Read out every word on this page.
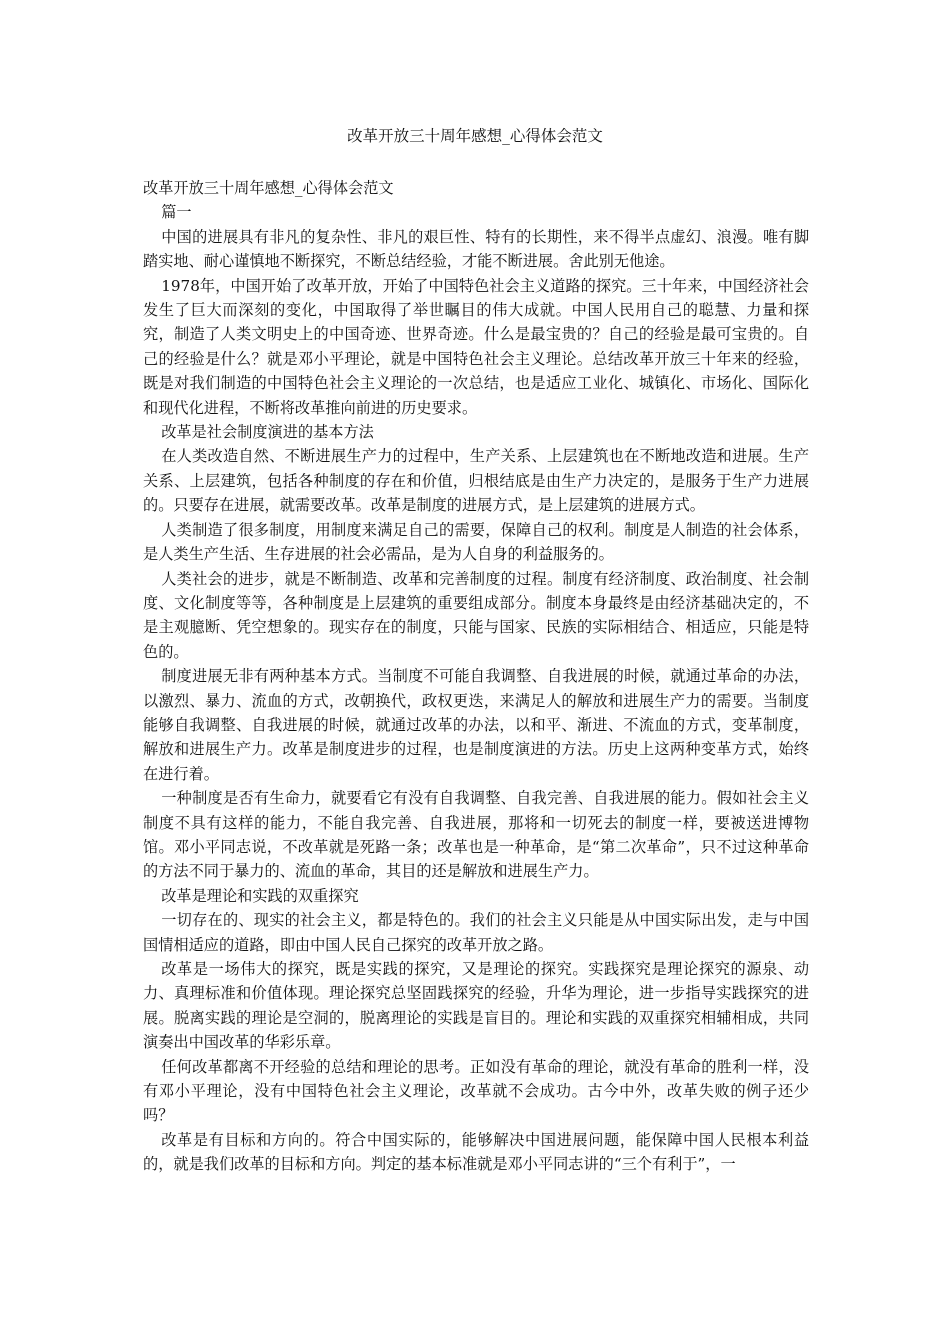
改革开放三十周年感想_心得体会范文

改革开放三十周年感想_心得体会范文

篇一

中国的进展具有非凡的复杂性、非凡的艰巨性、特有的长期性，来不得半点虚幻、浪漫。唯有脚踏实地、耐心谨慎地不断探究，不断总结经验，才能不断进展。舍此别无他途。

1978年，中国开始了改革开放，开始了中国特色社会主义道路的探究。三十年来，中国经济社会发生了巨大而深刻的变化，中国取得了举世瞩目的伟大成就。中国人民用自己的聪慧、力量和探究，制造了人类文明史上的中国奇迹、世界奇迹。什么是最宝贵的？自己的经验是最可宝贵的。自己的经验是什么？就是邓小平理论，就是中国特色社会主义理论。总结改革开放三十年来的经验，既是对我们制造的中国特色社会主义理论的一次总结，也是适应工业化、城镇化、市场化、国际化和现代化进程，不断将改革推向前进的历史要求。

改革是社会制度演进的基本方法

在人类改造自然、不断进展生产力的过程中，生产关系、上层建筑也在不断地改造和进展。生产关系、上层建筑，包括各种制度的存在和价值，归根结底是由生产力决定的，是服务于生产力进展的。只要存在进展，就需要改革。改革是制度的进展方式，是上层建筑的进展方式。

人类制造了很多制度，用制度来满足自己的需要，保障自己的权利。制度是人制造的社会体系，是人类生产生活、生存进展的社会必需品，是为人自身的利益服务的。

人类社会的进步，就是不断制造、改革和完善制度的过程。制度有经济制度、政治制度、社会制度、文化制度等等，各种制度是上层建筑的重要组成部分。制度本身最终是由经济基础决定的，不是主观臆断、凭空想象的。现实存在的制度，只能与国家、民族的实际相结合、相适应，只能是特色的。

制度进展无非有两种基本方式。当制度不可能自我调整、自我进展的时候，就通过革命的办法，以激烈、暴力、流血的方式，改朝换代，政权更迭，来满足人的解放和进展生产力的需要。当制度能够自我调整、自我进展的时候，就通过改革的办法，以和平、渐进、不流血的方式，变革制度，解放和进展生产力。改革是制度进步的过程，也是制度演进的方法。历史上这两种变革方式，始终在进行着。

一种制度是否有生命力，就要看它有没有自我调整、自我完善、自我进展的能力。假如社会主义制度不具有这样的能力，不能自我完善、自我进展，那将和一切死去的制度一样，要被送进博物馆。邓小平同志说，不改革就是死路一条；改革也是一种革命，是“第二次革命”，只不过这种革命的方法不同于暴力的、流血的革命，其目的还是解放和进展生产力。

改革是理论和实践的双重探究

一切存在的、现实的社会主义，都是特色的。我们的社会主义只能是从中国实际出发，走与中国国情相适应的道路，即由中国人民自己探究的改革开放之路。

改革是一场伟大的探究，既是实践的探究，又是理论的探究。实践探究是理论探究的源泉、动力、真理标准和价值体现。理论探究总坚固践探究的经验，升华为理论，进一步指导实践探究的进展。脱离实践的理论是空洞的，脱离理论的实践是盲目的。理论和实践的双重探究相辅相成，共同演奏出中国改革的华彩乐章。

任何改革都离不开经验的总结和理论的思考。正如没有革命的理论，就没有革命的胜利一样，没有邓小平理论，没有中国特色社会主义理论，改革就不会成功。古今中外，改革失败的例子还少吗？

改革是有目标和方向的。符合中国实际的，能够解决中国进展问题，能保障中国人民根本利益的，就是我们改革的目标和方向。判定的基本标准就是邓小平同志讲的“三个有利于”，一
